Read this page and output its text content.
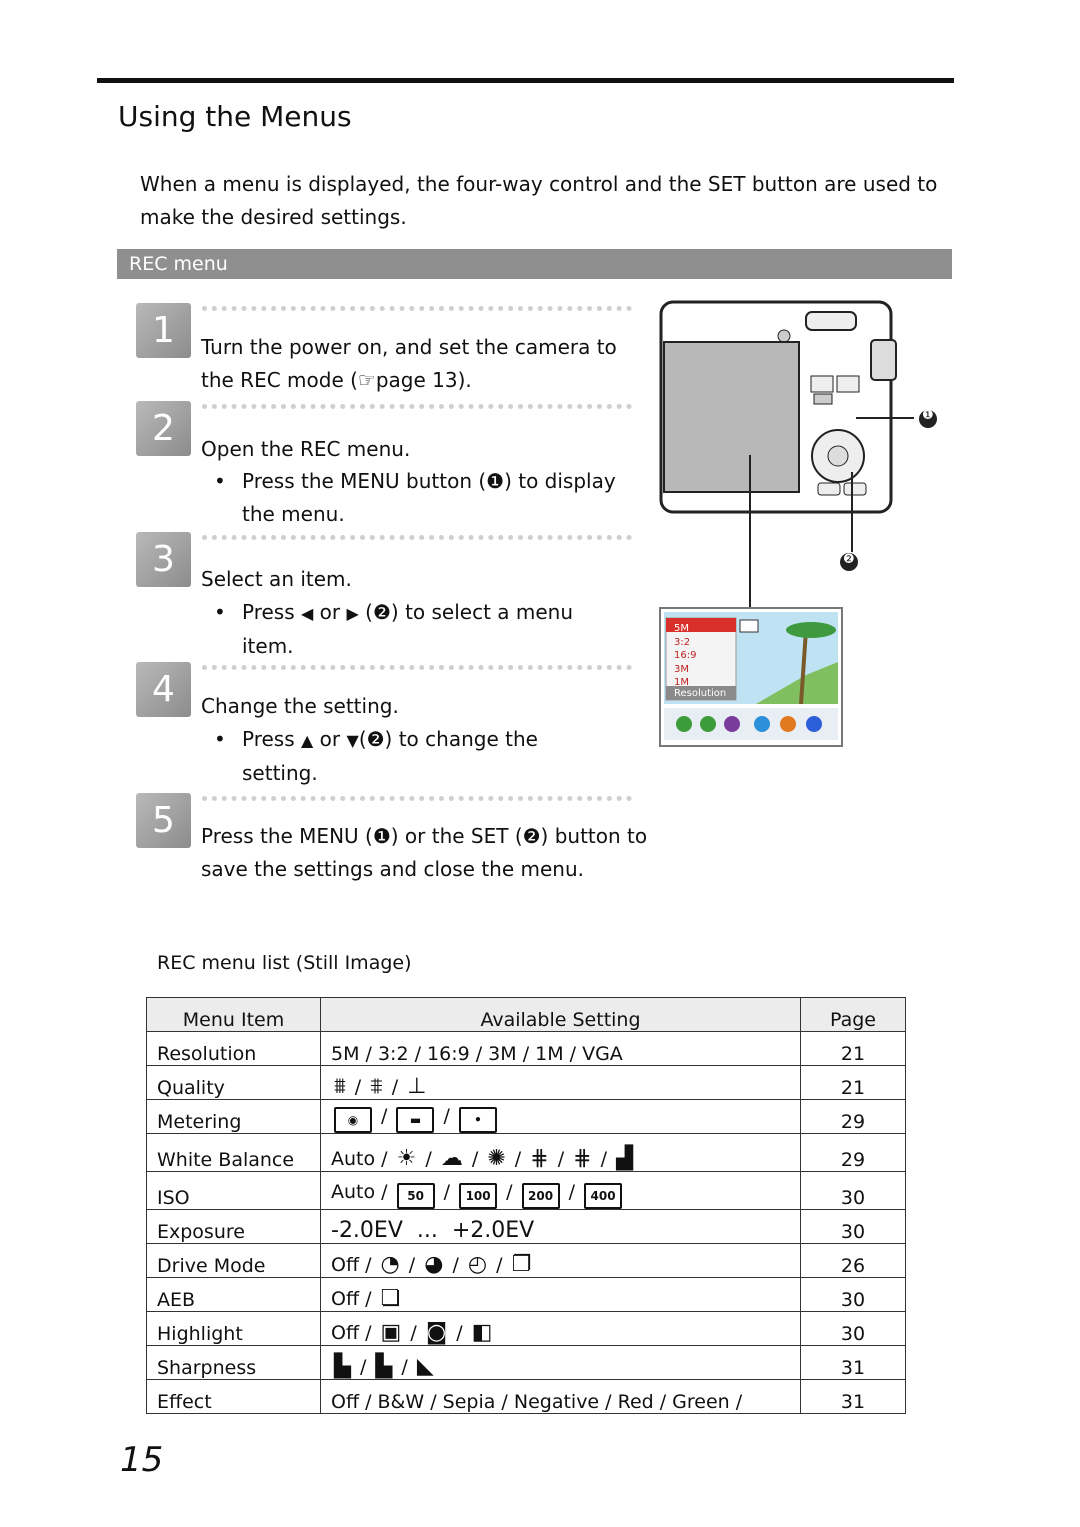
Using the Menus
When a menu is displayed, the four-way control and the SET button are used to make the desired settings.
REC menu
1	Turn the power on, and set the camera to
the REC mode (☞page 13).
2	Open the REC menu.
• Press the MENU button (❶) to display the menu.
3	Select an item.
• Press ◀ or ▶ (❷) to select a menu item.
4	Change the setting.
• Press ▲ or ▼(❷) to change the setting.
5	Press the MENU (❶) or the SET (❷) button to
save the settings and close the menu.
❶
❷
5M
3:2
16:9
3M
1M
Resolution
REC menu list (Still Image)
Menu Item	Available Setting	Page
Resolution	5M / 3:2 / 16:9 / 3M / 1M / VGA	21
Quality	⩩ / ⩨ / ⊥	21
Metering	◉ / ▬ / •	29
White Balance	Auto / ☀ / ☁ / ✺ / ⋕ / ⋕ / ▟	29
ISO	Auto / 50 / 100 / 200 / 400	30
Exposure	-2.0EV  ...  +2.0EV	30
Drive Mode	Off / ◔ / ◕ / ◴ / ❐	26
AEB	Off / ❏	30
Highlight	Off / ▣ / ◙ / ◧	30
Sharpness	▙ / ▙ / ◣	31
Effect	Off / B&W / Sepia / Negative / Red / Green /	31
15
